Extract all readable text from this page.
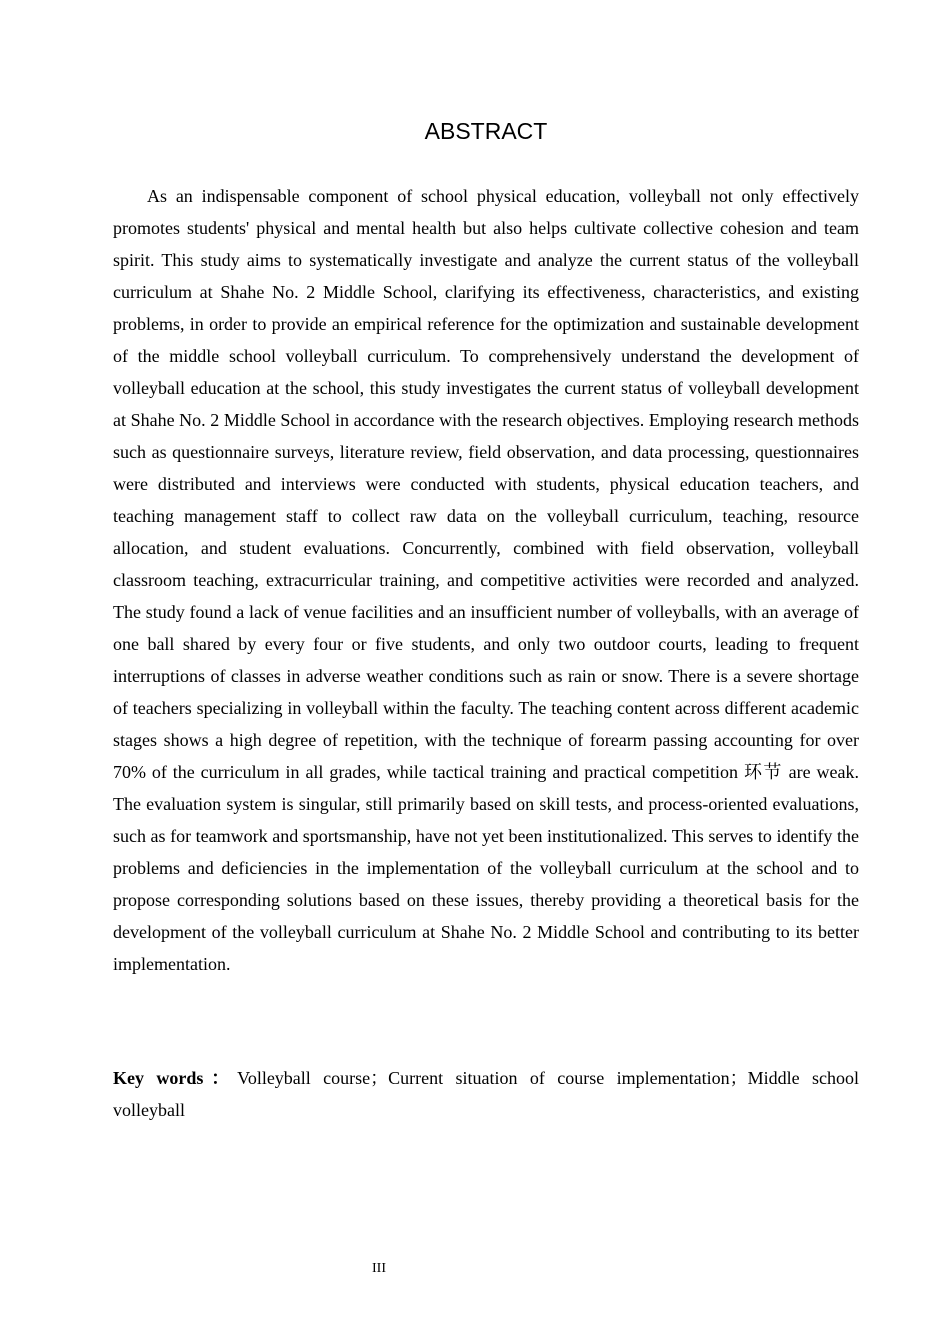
ABSTRACT

As an indispensable component of school physical education, volleyball not only effectively promotes students' physical and mental health but also helps cultivate collective cohesion and team spirit. This study aims to systematically investigate and analyze the current status of the volleyball curriculum at Shahe No. 2 Middle School, clarifying its effectiveness, characteristics, and existing problems, in order to provide an empirical reference for the optimization and sustainable development of the middle school volleyball curriculum. To comprehensively understand the development of volleyball education at the school, this study investigates the current status of volleyball development at Shahe No. 2 Middle School in accordance with the research objectives. Employing research methods such as questionnaire surveys, literature review, field observation, and data processing, questionnaires were distributed and interviews were conducted with students, physical education teachers, and teaching management staff to collect raw data on the volleyball curriculum, teaching, resource allocation, and student evaluations. Concurrently, combined with field observation, volleyball classroom teaching, extracurricular training, and competitive activities were recorded and analyzed. The study found a lack of venue facilities and an insufficient number of volleyballs, with an average of one ball shared by every four or five students, and only two outdoor courts, leading to frequent interruptions of classes in adverse weather conditions such as rain or snow. There is a severe shortage of teachers specializing in volleyball within the faculty. The teaching content across different academic stages shows a high degree of repetition, with the technique of forearm passing accounting for over 70% of the curriculum in all grades, while tactical training and practical competition 环节 are weak. The evaluation system is singular, still primarily based on skill tests, and process-oriented evaluations, such as for teamwork and sportsmanship, have not yet been institutionalized. This serves to identify the problems and deficiencies in the implementation of the volleyball curriculum at the school and to propose corresponding solutions based on these issues, thereby providing a theoretical basis for the development of the volleyball curriculum at Shahe No. 2 Middle School and contributing to its better implementation.

Key words：Volleyball course；Current situation of course implementation；Middle school volleyball

III
